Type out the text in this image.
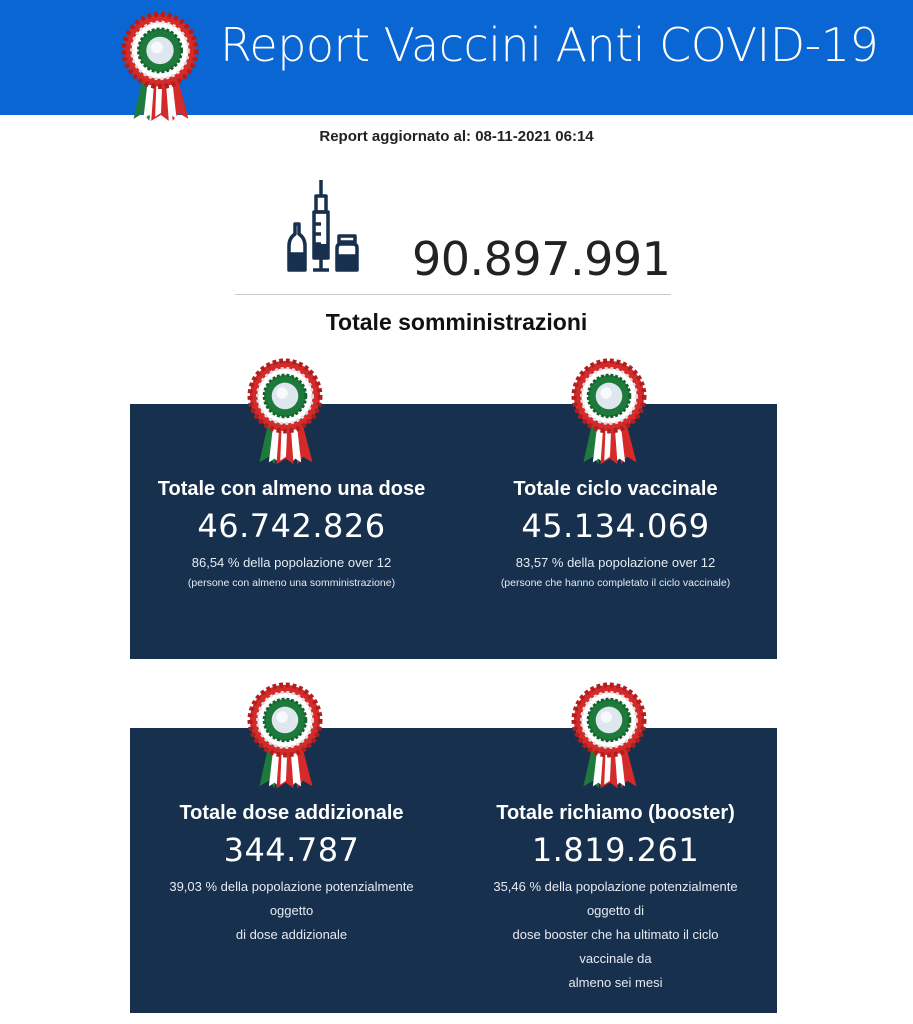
Report Vaccini Anti COVID-19
Report aggiornato al: 08-11-2021 06:14
90.897.991
Totale somministrazioni
Totale con almeno una dose
46.742.826
86,54 % della popolazione over 12
(persone con almeno una somministrazione)
Totale ciclo vaccinale
45.134.069
83,57 % della popolazione over 12
(persone che hanno completato il ciclo vaccinale)
Totale dose addizionale
344.787
39,03 % della popolazione potenzialmente
oggetto
di dose addizionale
Totale richiamo (booster)
1.819.261
35,46 % della popolazione potenzialmente
oggetto di
dose booster che ha ultimato il ciclo
vaccinale da
almeno sei mesi
